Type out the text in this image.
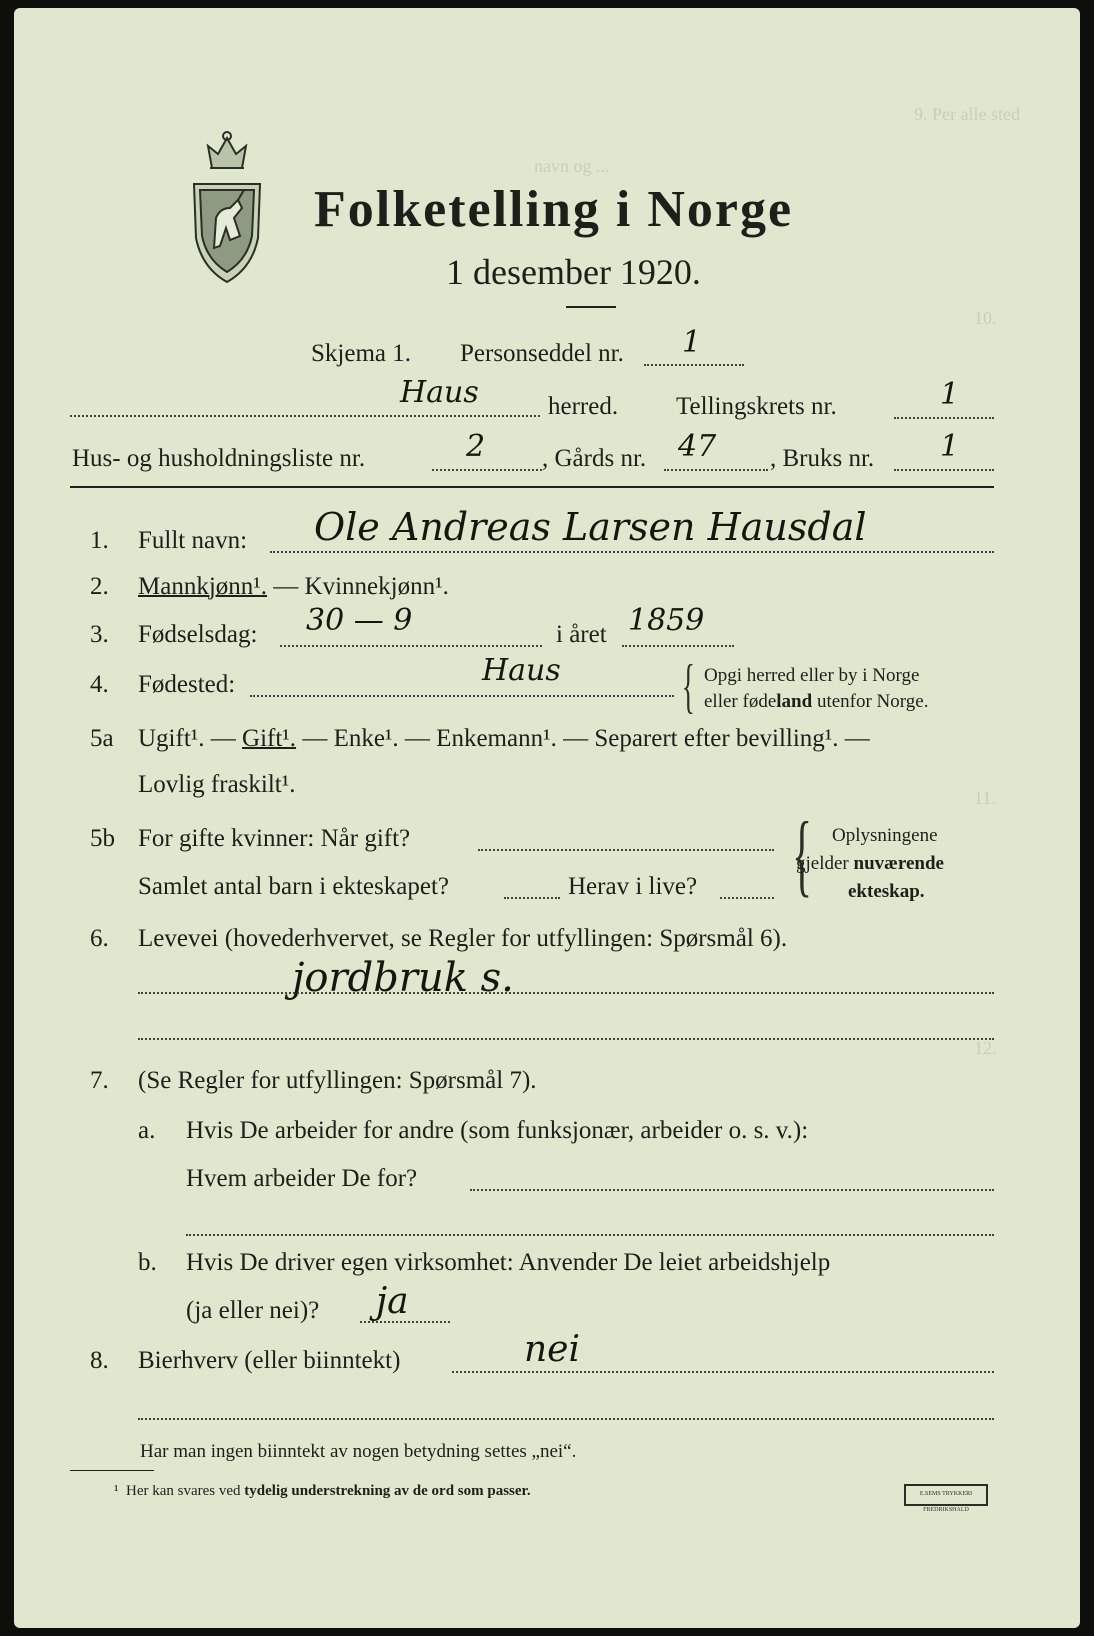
9. Per alle sted
navn og ...
10.
11.
12.
Folketelling i Norge
1 desember 1920.
Skjema 1. Personseddel nr. 1
Haus	herred. Tellingskrets nr.	1
Hus- og husholdningsliste nr.	2 , Gårds nr. 47 , Bruks nr. 1
1. Fullt navn: Ole Andreas Larsen Hausdal
2. Mannkjønn¹. — Kvinnekjønn¹.
3. Fødselsdag: 30 — 9	i året 1859
4. Fødested:	Haus { Opgi herred eller by i Norge
eller fødeland utenfor Norge.
5a Ugift¹. — Gift¹. — Enke¹. — Enkemann¹. — Separert efter bevilling¹. —
Lovlig fraskilt¹.
5b For gifte kvinner: Når gift?
Samlet antal barn i ekteskapet?	Herav i live? { Oplysningene
gjelder nuværende
ekteskap.
6. Levevei (hovederhvervet, se Regler for utfyllingen: Spørsmål 6).
jordbruk s.
7. (Se Regler for utfyllingen: Spørsmål 7).
a. Hvis De arbeider for andre (som funksjonær, arbeider o. s. v.):
Hvem arbeider De for?
b. Hvis De driver egen virksomhet: Anvender De leiet arbeidshjelp
(ja eller nei)? ja
8. Bierhverv (eller biinntekt)	nei
Har man ingen biinntekt av nogen betydning settes „nei“.
¹ Her kan svares ved tydelig understrekning av de ord som passer.	E.SEMS TRYKKERI FREDRIKSHALD
